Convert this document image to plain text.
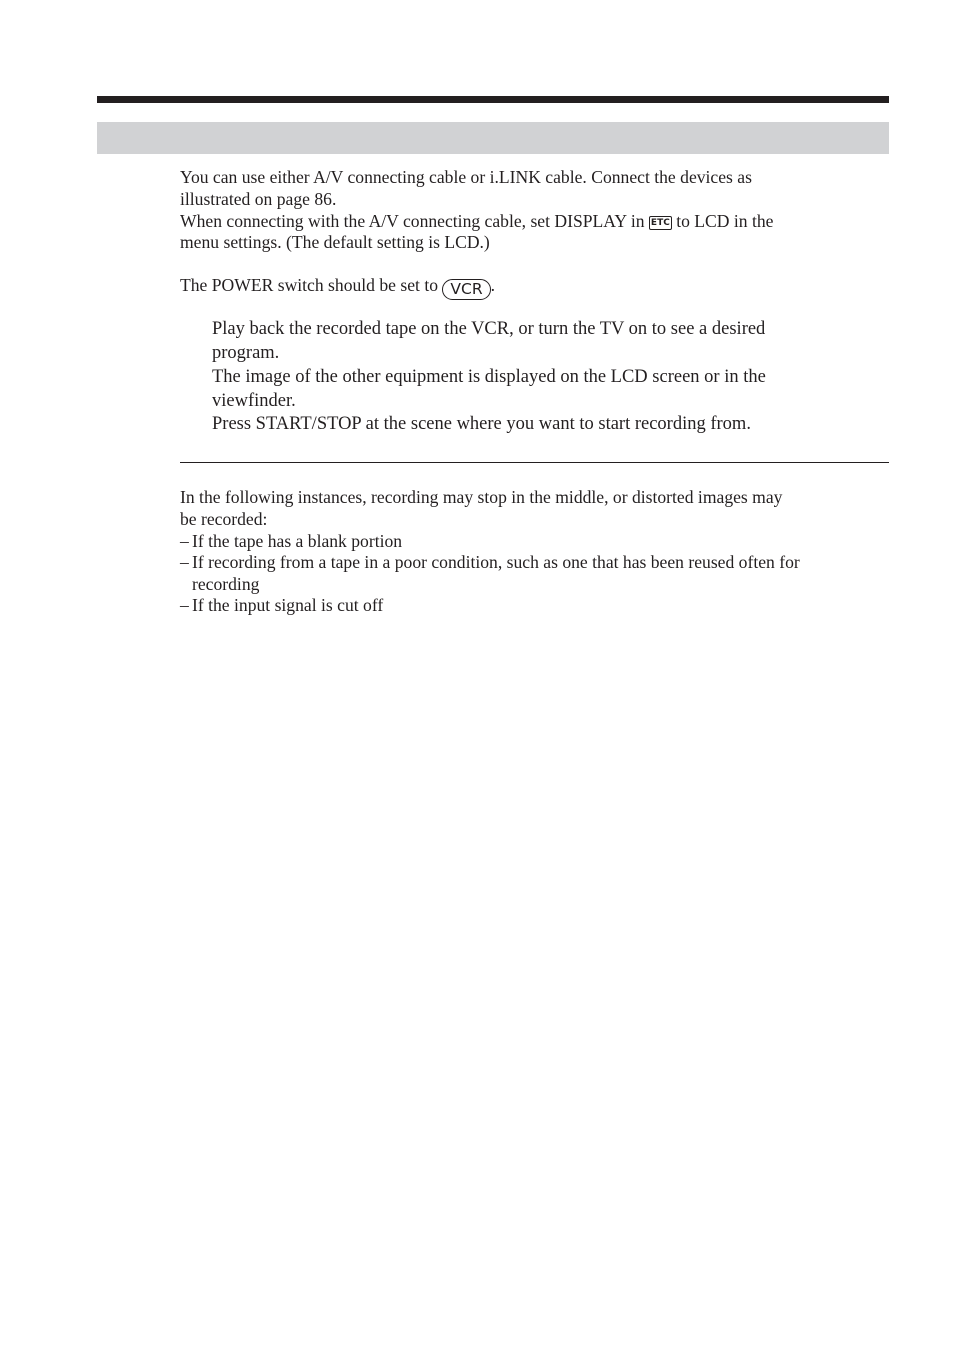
You can use either A/V connecting cable or i.LINK cable. Connect the devices as
illustrated on page 86.
When connecting with the A/V connecting cable, set DISPLAY in ETC to LCD in the
menu settings. (The default setting is LCD.)
The POWER switch should be set to VCR .
Play back the recorded tape on the VCR, or turn the TV on to see a desired
program.
The image of the other equipment is displayed on the LCD screen or in the
viewfinder.
Press START/STOP at the scene where you want to start recording from.
In the following instances, recording may stop in the middle, or distorted images may
be recorded:
– If the tape has a blank portion
– If recording from a tape in a poor condition, such as one that has been reused often for
recording
– If the input signal is cut off
